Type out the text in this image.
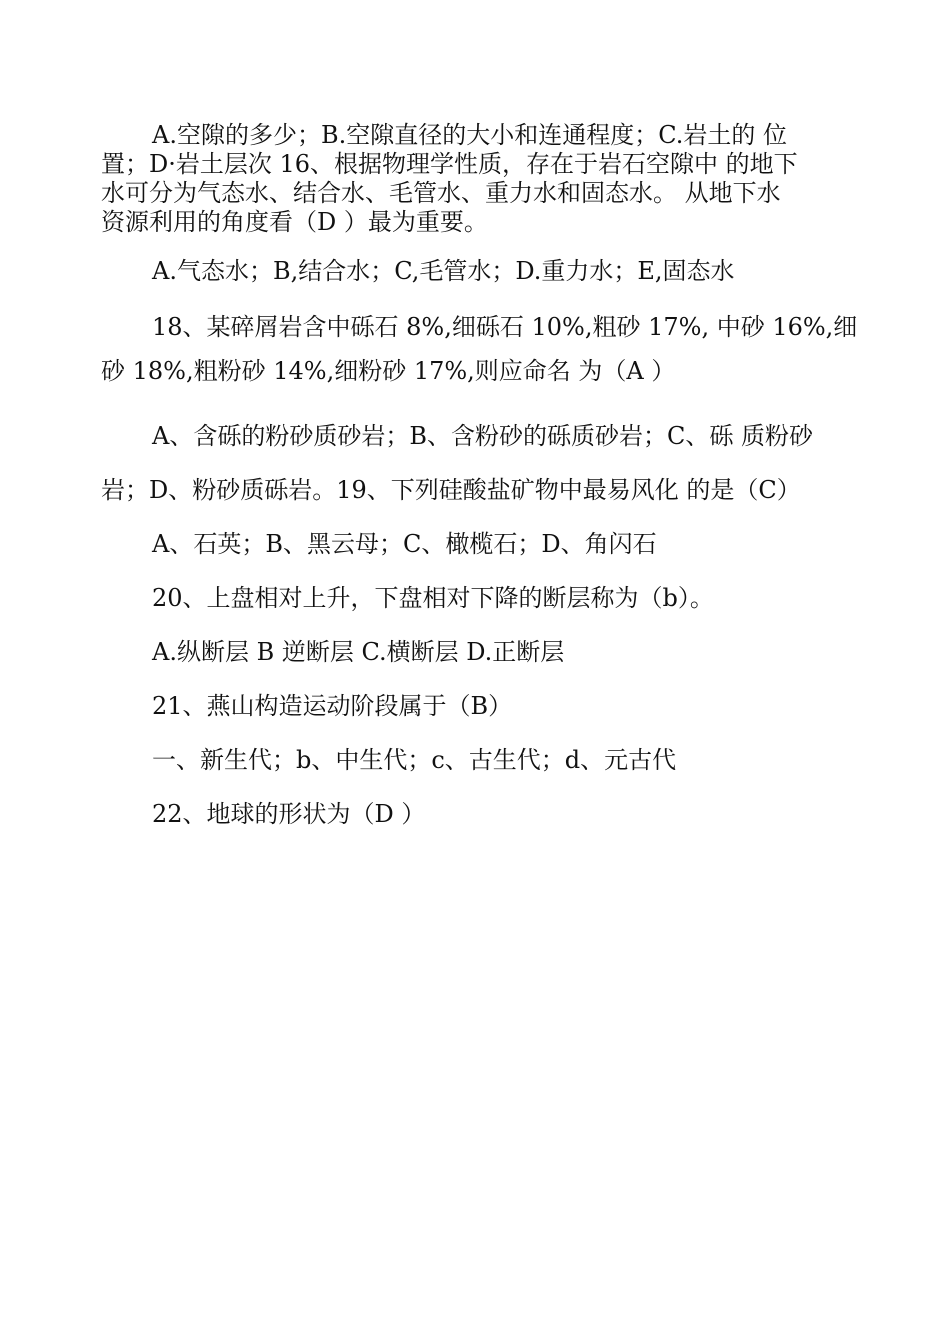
A.空隙的多少；B.空隙直径的大小和连通程度；C.岩土的 位
置；D·岩土层次 16、根据物理学性质，存在于岩石空隙中 的地下
水可分为气态水、结合水、毛管水、重力水和固态水。 从地下水
资源利用的角度看（D ）最为重要。
A.气态水；B,结合水；C,毛管水；D.重力水；E,固态水
18、某碎屑岩含中砾石 8%,细砾石 10%,粗砂 17%, 中砂 16%,细
砂 18%,粗粉砂 14%,细粉砂 17%,则应命名 为（A ）
A、含砾的粉砂质砂岩；B、含粉砂的砾质砂岩；C、砾 质粉砂
岩；D、粉砂质砾岩。19、下列硅酸盐矿物中最易风化 的是（C）
A、石英；B、黑云母；C、橄榄石；D、角闪石
20、上盘相对上升，下盘相对下降的断层称为（b）。
A.纵断层 B 逆断层 C.横断层 D.正断层
21、燕山构造运动阶段属于（B）
一、新生代；b、中生代；c、古生代；d、元古代
22、地球的形状为（D ）
